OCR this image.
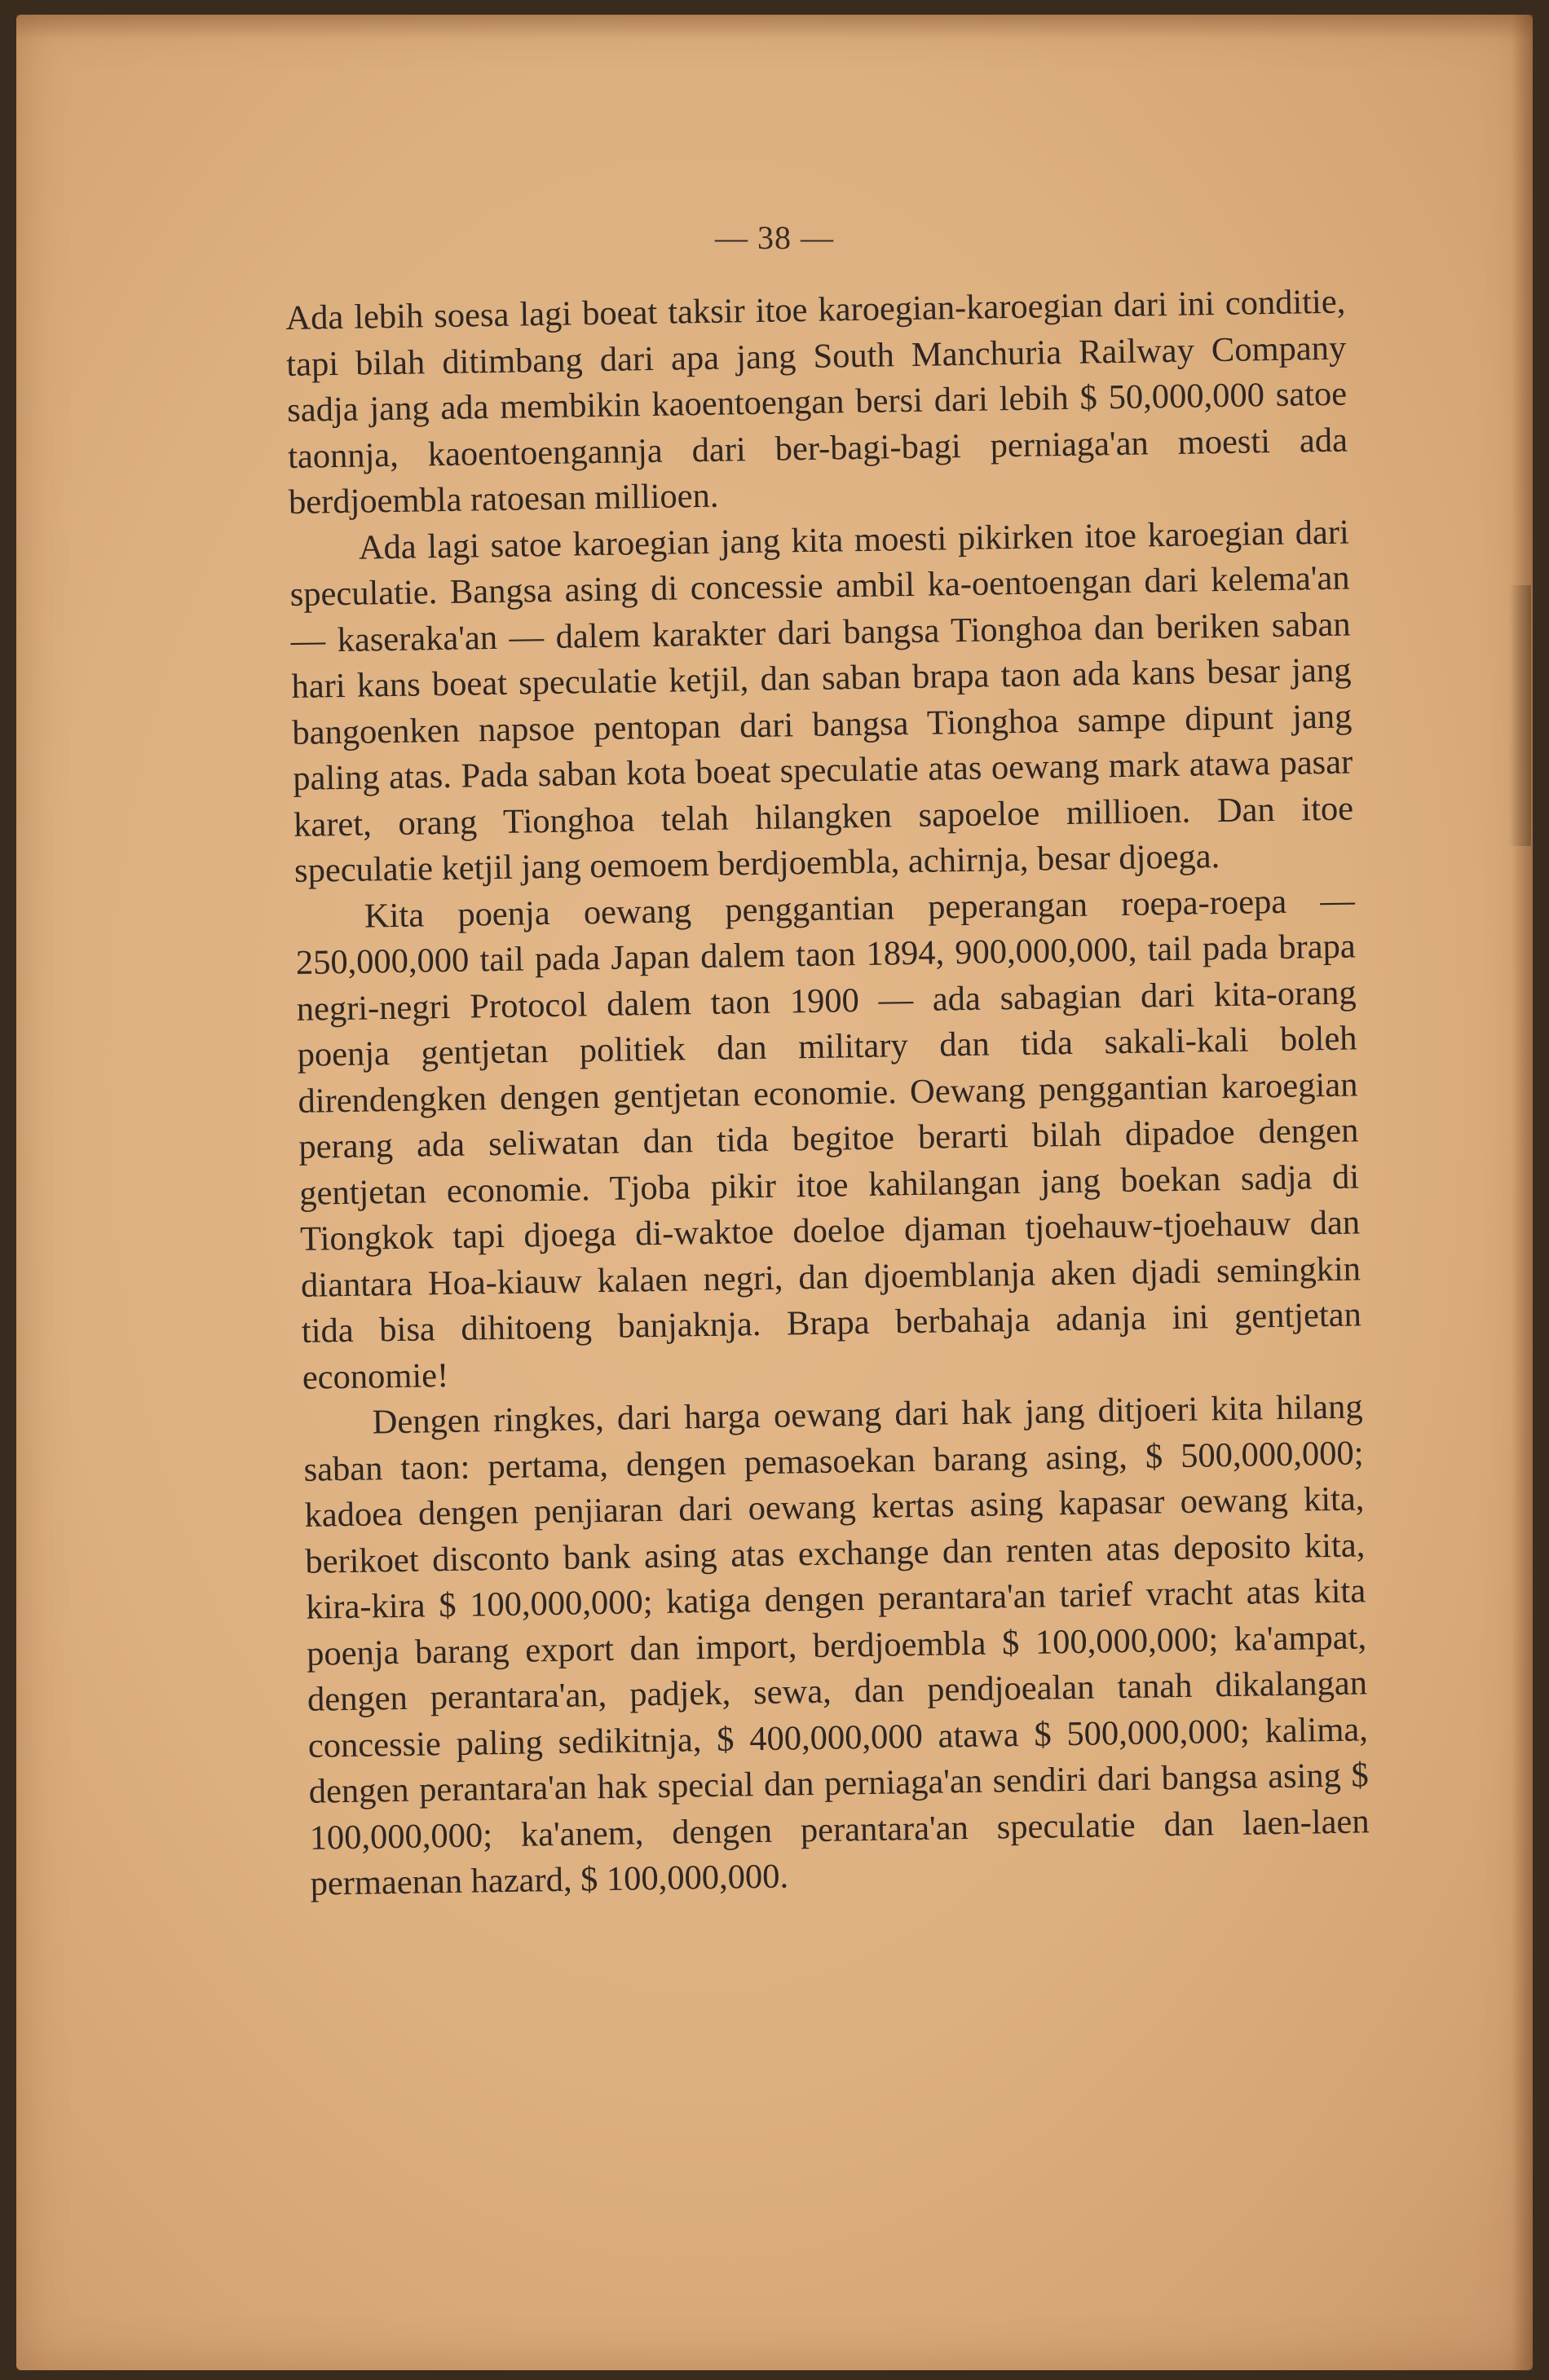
— 38 —

Ada lebih soesa lagi boeat taksir itoe karoegian-karoegian dari ini conditie, tapi bilah ditimbang dari apa jang South Manchuria Railway Company sadja jang ada membikin kaoentoengan bersi dari lebih $ 50,000,000 satoe taonnja, kaoentoengannja dari ber-bagi-bagi perniaga'an moesti ada berdjoembla ratoesan millioen.

Ada lagi satoe karoegian jang kita moesti pikirken itoe karoegian dari speculatie. Bangsa asing di concessie ambil ka-oentoengan dari kelema'an — kaseraka'an — dalem karakter dari bangsa Tionghoa dan beriken saban hari kans boeat speculatie ketjil, dan saban brapa taon ada kans besar jang bangoenken napsoe pentopan dari bangsa Tionghoa sampe dipunt jang paling atas. Pada saban kota boeat speculatie atas oewang mark atawa pasar karet, orang Tionghoa telah hilangken sapoeloe millioen. Dan itoe speculatie ketjil jang oemoem berdjoembla, achirnja, besar djoega.

Kita poenja oewang penggantian peperangan roepa-roepa — 250,000,000 tail pada Japan dalem taon 1894, 900,000,000, tail pada brapa negri-negri Protocol dalem taon 1900 — ada sabagian dari kita-orang poenja gentjetan politiek dan military dan tida sakali-kali boleh direndengken dengen gentjetan economie. Oewang penggantian karoegian perang ada seliwatan dan tida begitoe berarti bilah dipadoe dengen gentjetan economie. Tjoba pikir itoe kahilangan jang boekan sadja di Tiongkok tapi djoega di-waktoe doeloe djaman tjoehauw-tjoehauw dan diantara Hoa-kiauw kalaen negri, dan djoemblanja aken djadi semingkin tida bisa dihitoeng banjaknja. Brapa berbahaja adanja ini gentjetan economie!

Dengen ringkes, dari harga oewang dari hak jang ditjoeri kita hilang saban taon: pertama, dengen pemasoekan barang asing, $ 500,000,000; kadoea dengen penjiaran dari oewang kertas asing kapasar oewang kita, berikoet disconto bank asing atas exchange dan renten atas deposito kita, kira-kira $ 100,000,000; katiga dengen perantara'an tarief vracht atas kita poenja barang export dan import, berdjoembla $ 100,000,000; ka'ampat, dengen perantara'an, padjek, sewa, dan pendjoealan tanah dikalangan concessie paling sedikitnja, $ 400,000,000 atawa $ 500,000,000; kalima, dengen perantara'an hak special dan perniaga'an sendiri dari bangsa asing $ 100,000,000; ka'anem, dengen perantara'an speculatie dan laen-laen permaenan hazard, $ 100,000,000.
